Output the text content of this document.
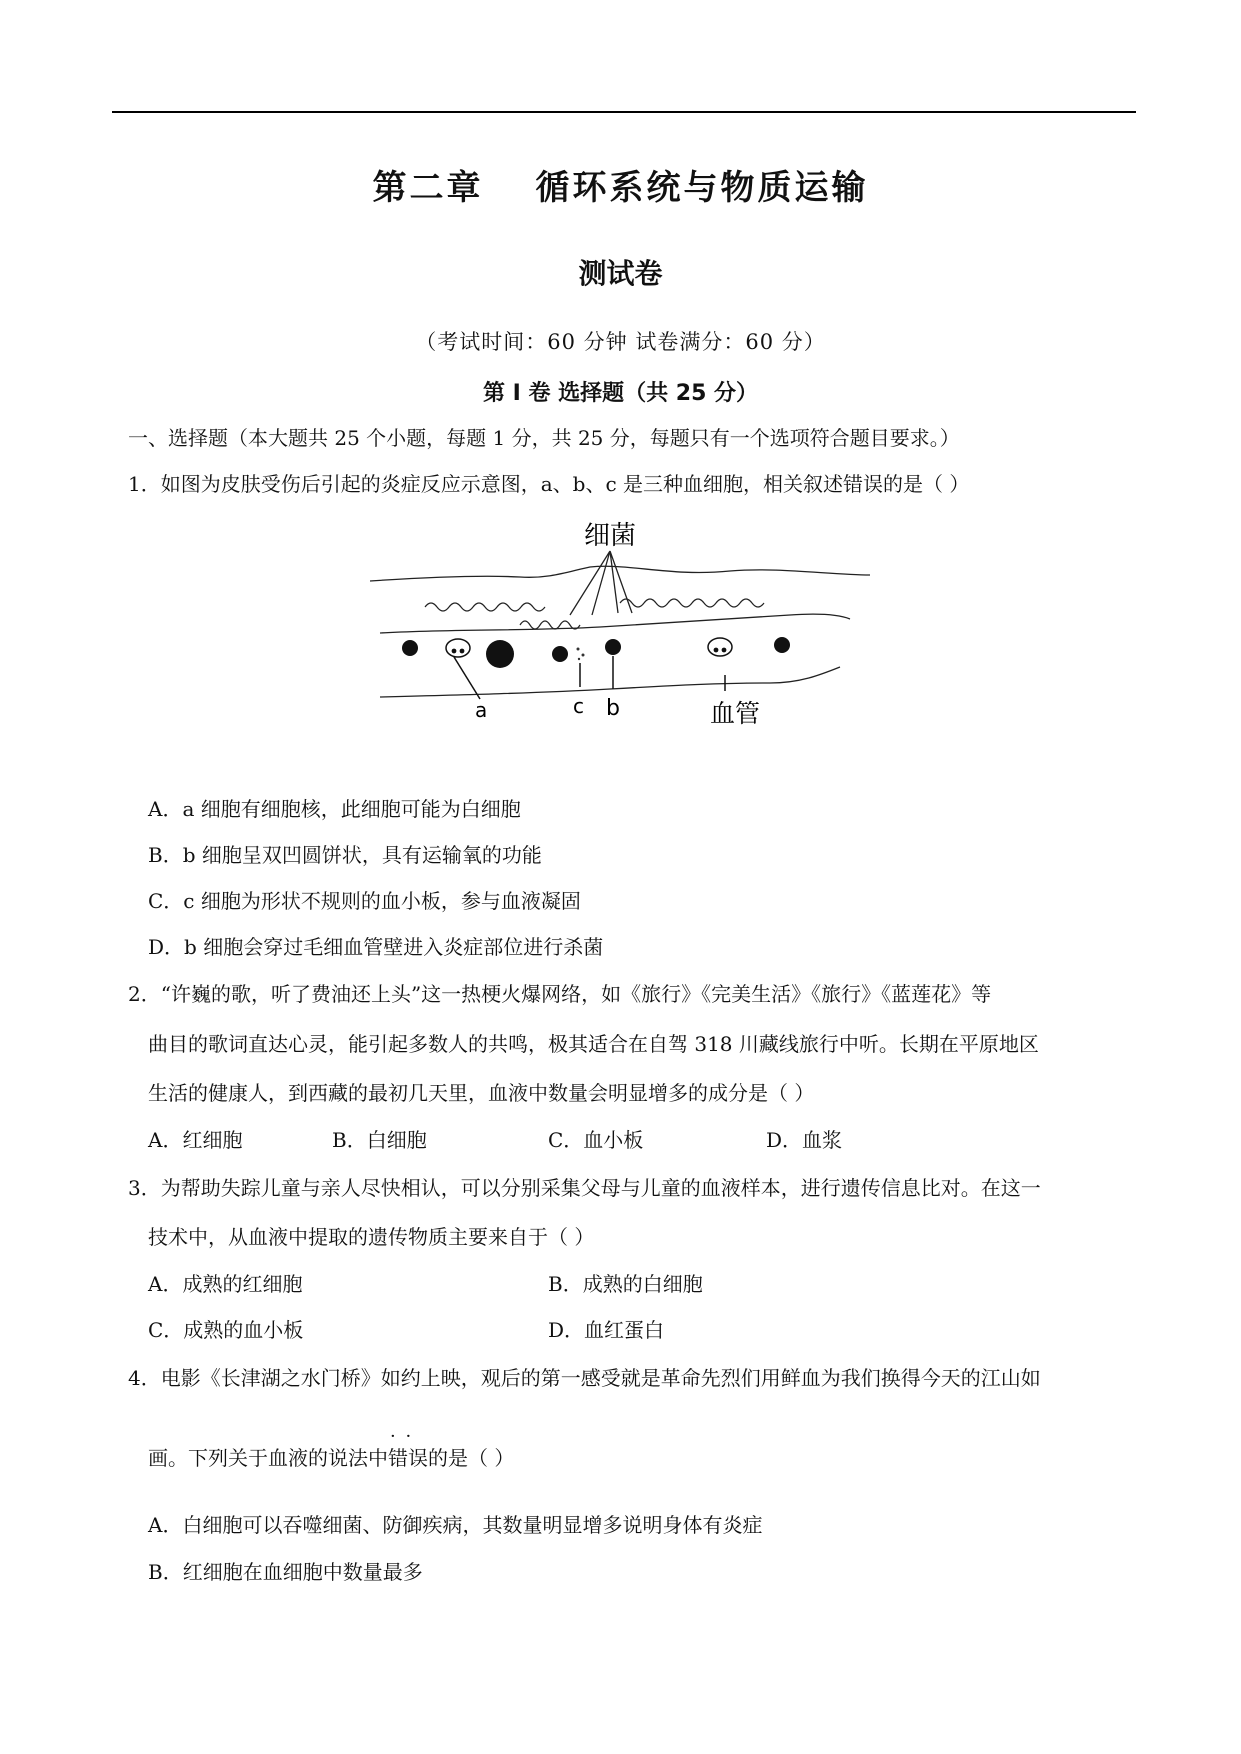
第二章 循环系统与物质运输
测试卷
（考试时间：60 分钟 试卷满分：60 分）
第 I 卷 选择题（共 25 分）
一、选择题（本大题共 25 个小题，每题 1 分，共 25 分，每题只有一个选项符合题目要求。）
1．如图为皮肤受伤后引起的炎症反应示意图，a、b、c 是三种血细胞，相关叙述错误的是（ ）
细菌
a	c b	血管
A．a 细胞有细胞核，此细胞可能为白细胞
B．b 细胞呈双凹圆饼状，具有运输氧的功能
C．c 细胞为形状不规则的血小板，参与血液凝固
D．b 细胞会穿过毛细血管壁进入炎症部位进行杀菌
2．“许巍的歌，听了费油还上头”这一热梗火爆网络，如《旅行》《完美生活》《旅行》《蓝莲花》等
曲目的歌词直达心灵，能引起多数人的共鸣，极其适合在自驾 318 川藏线旅行中听。长期在平原地区
生活的健康人，到西藏的最初几天里，血液中数量会明显增多的成分是（ ）
A．红细胞	B．白细胞	C．血小板	D．血浆
3．为帮助失踪儿童与亲人尽快相认，可以分别采集父母与儿童的血液样本，进行遗传信息比对。在这一
技术中，从血液中提取的遗传物质主要来自于（ ）
A．成熟的红细胞	B．成熟的白细胞
C．成熟的血小板	D．血红蛋白
4．电影《长津湖之水门桥》如约上映，观后的第一感受就是革命先烈们用鲜血为我们换得今天的江山如
画。下列关于血液的说法中· · 错误的是（ ）
A．白细胞可以吞噬细菌、防御疾病，其数量明显增多说明身体有炎症
B．红细胞在血细胞中数量最多
